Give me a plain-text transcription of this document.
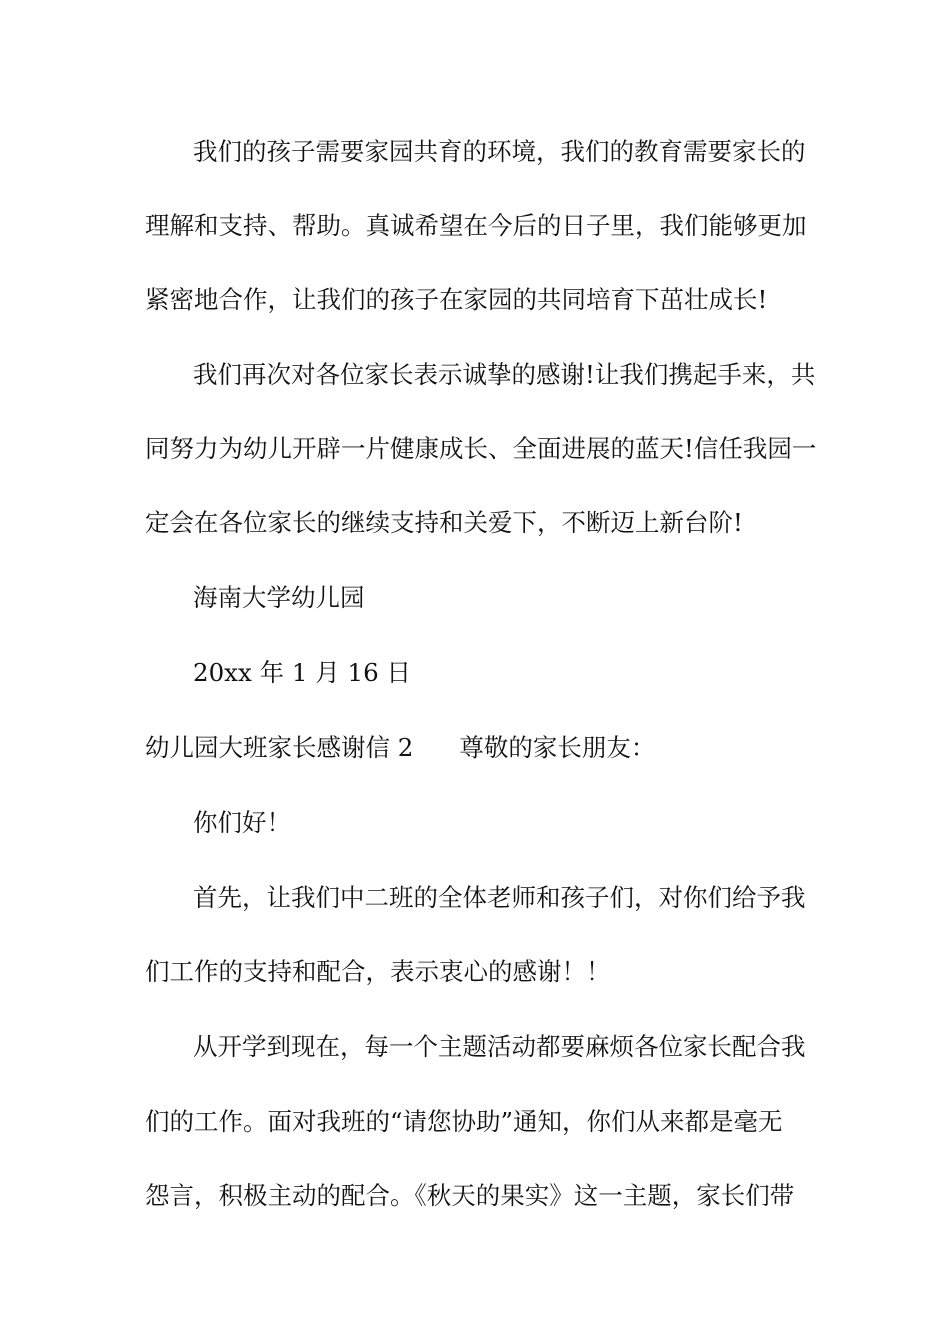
我们的孩子需要家园共育的环境，我们的教育需要家长的
理解和支持、帮助。真诚希望在今后的日子里，我们能够更加
紧密地合作，让我们的孩子在家园的共同培育下茁壮成长!
我们再次对各位家长表示诚挚的感谢!让我们携起手来，共
同努力为幼儿开辟一片健康成长、全面进展的蓝天!信任我园一
定会在各位家长的继续支持和关爱下，不断迈上新台阶!
海南大学幼儿园
20xx 年 1 月 16 日
幼儿园大班家长感谢信 2 尊敬的家长朋友：
你们好！
首先，让我们中二班的全体老师和孩子们，对你们给予我
们工作的支持和配合，表示衷心的感谢！！
从开学到现在，每一个主题活动都要麻烦各位家长配合我
们的工作。面对我班的“请您协助”通知，你们从来都是毫无
怨言，积极主动的配合。《秋天的果实》这一主题，家长们带
